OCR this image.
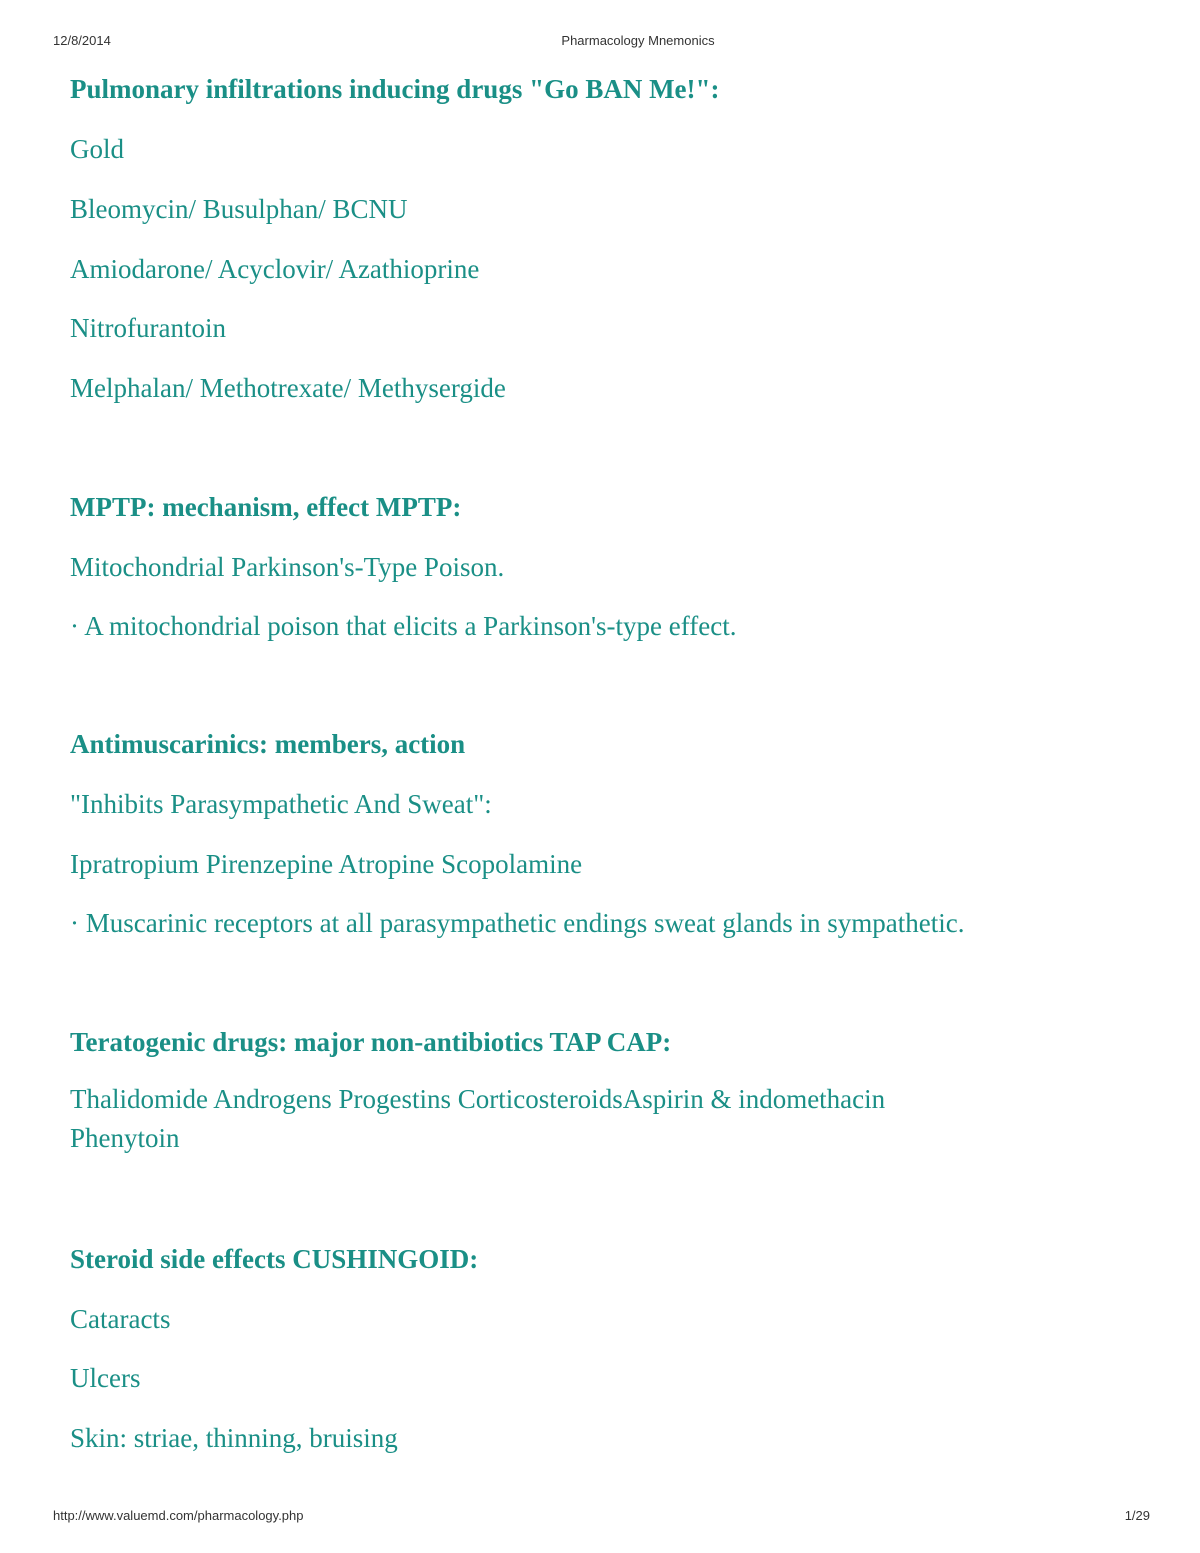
12/8/2014	Pharmacology Mnemonics
Pulmonary infiltrations inducing drugs "Go BAN Me!":
Gold
Bleomycin/ Busulphan/ BCNU
Amiodarone/ Acyclovir/ Azathioprine
Nitrofurantoin
Melphalan/ Methotrexate/ Methysergide
MPTP: mechanism, effect MPTP:
Mitochondrial Parkinson's-Type Poison.
· A mitochondrial poison that elicits a Parkinson's-type effect.
Antimuscarinics: members, action
"Inhibits Parasympathetic And Sweat":
Ipratropium Pirenzepine Atropine Scopolamine
· Muscarinic receptors at all parasympathetic endings sweat glands in sympathetic.
Teratogenic drugs: major non-antibiotics TAP CAP:
Thalidomide Androgens Progestins CorticosteroidsAspirin & indomethacin Phenytoin
Steroid side effects CUSHINGOID:
Cataracts
Ulcers
Skin: striae, thinning, bruising
http://www.valuemd.com/pharmacology.php	1/29
